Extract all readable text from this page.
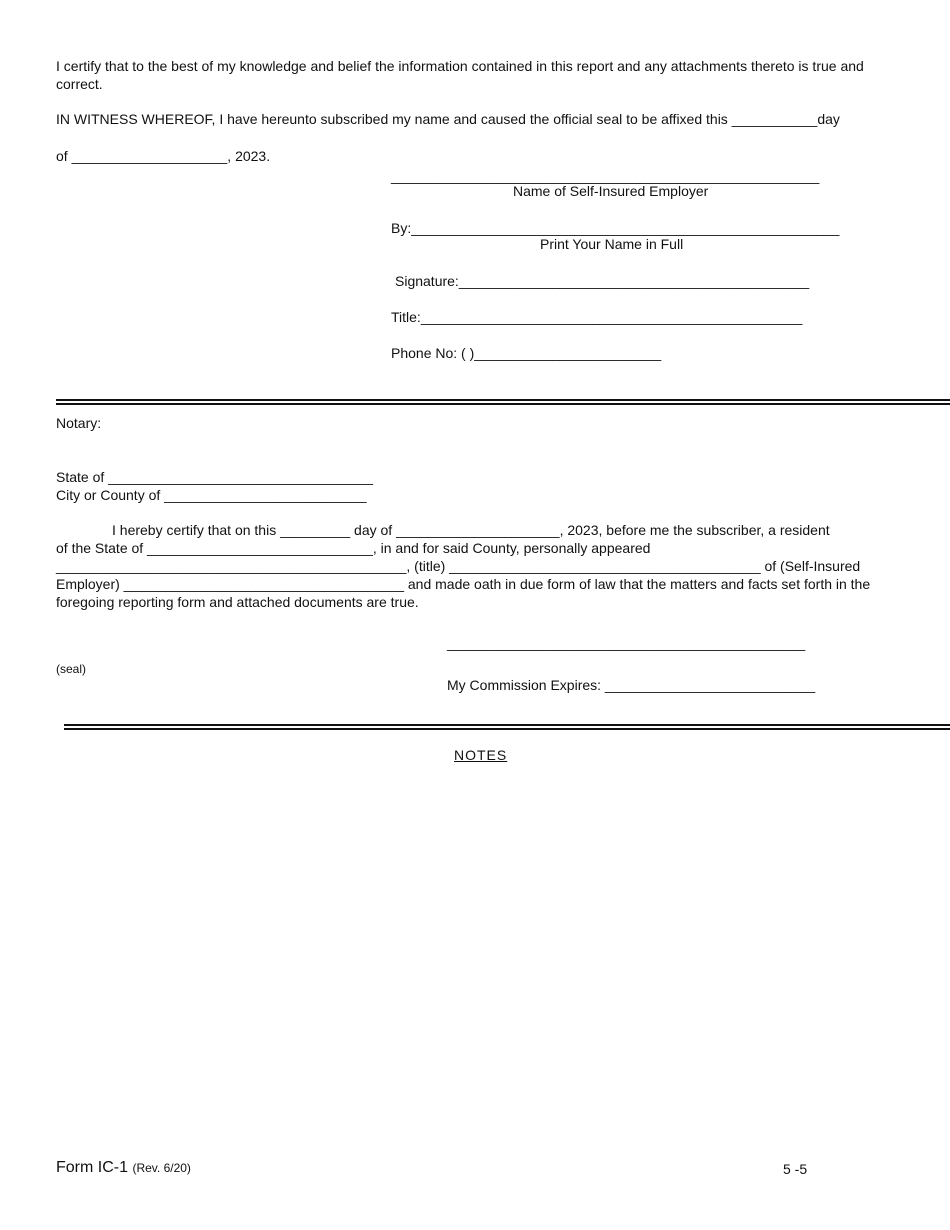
I certify that to the best of my knowledge and belief the information contained in this report and any attachments thereto is true and correct.

IN WITNESS WHEREOF, I have hereunto subscribed my name and caused the official seal to be affixed this ___________day

of ____________________, 2023.

_______________________________________________________

Name of Self-Insured Employer

By:_______________________________________________________

Print Your Name in Full

Signature:_____________________________________________

Title:_________________________________________________

Phone No: ( )________________________

Notary:

State of __________________________________

City or County of __________________________

I hereby certify that on this _________ day of _____________________, 2023, before me the subscriber, a resident

of the State of _____________________________, in and for said County, personally appeared

_____________________________________________, (title) ________________________________________ of (Self-Insured

Employer) ____________________________________ and made oath in due form of law that the matters and facts set forth in the

foregoing reporting form and attached documents are true.

______________________________________________

(seal)

My Commission Expires: ___________________________

NOTES

Form IC-1 (Rev. 6/20)	5 -5
